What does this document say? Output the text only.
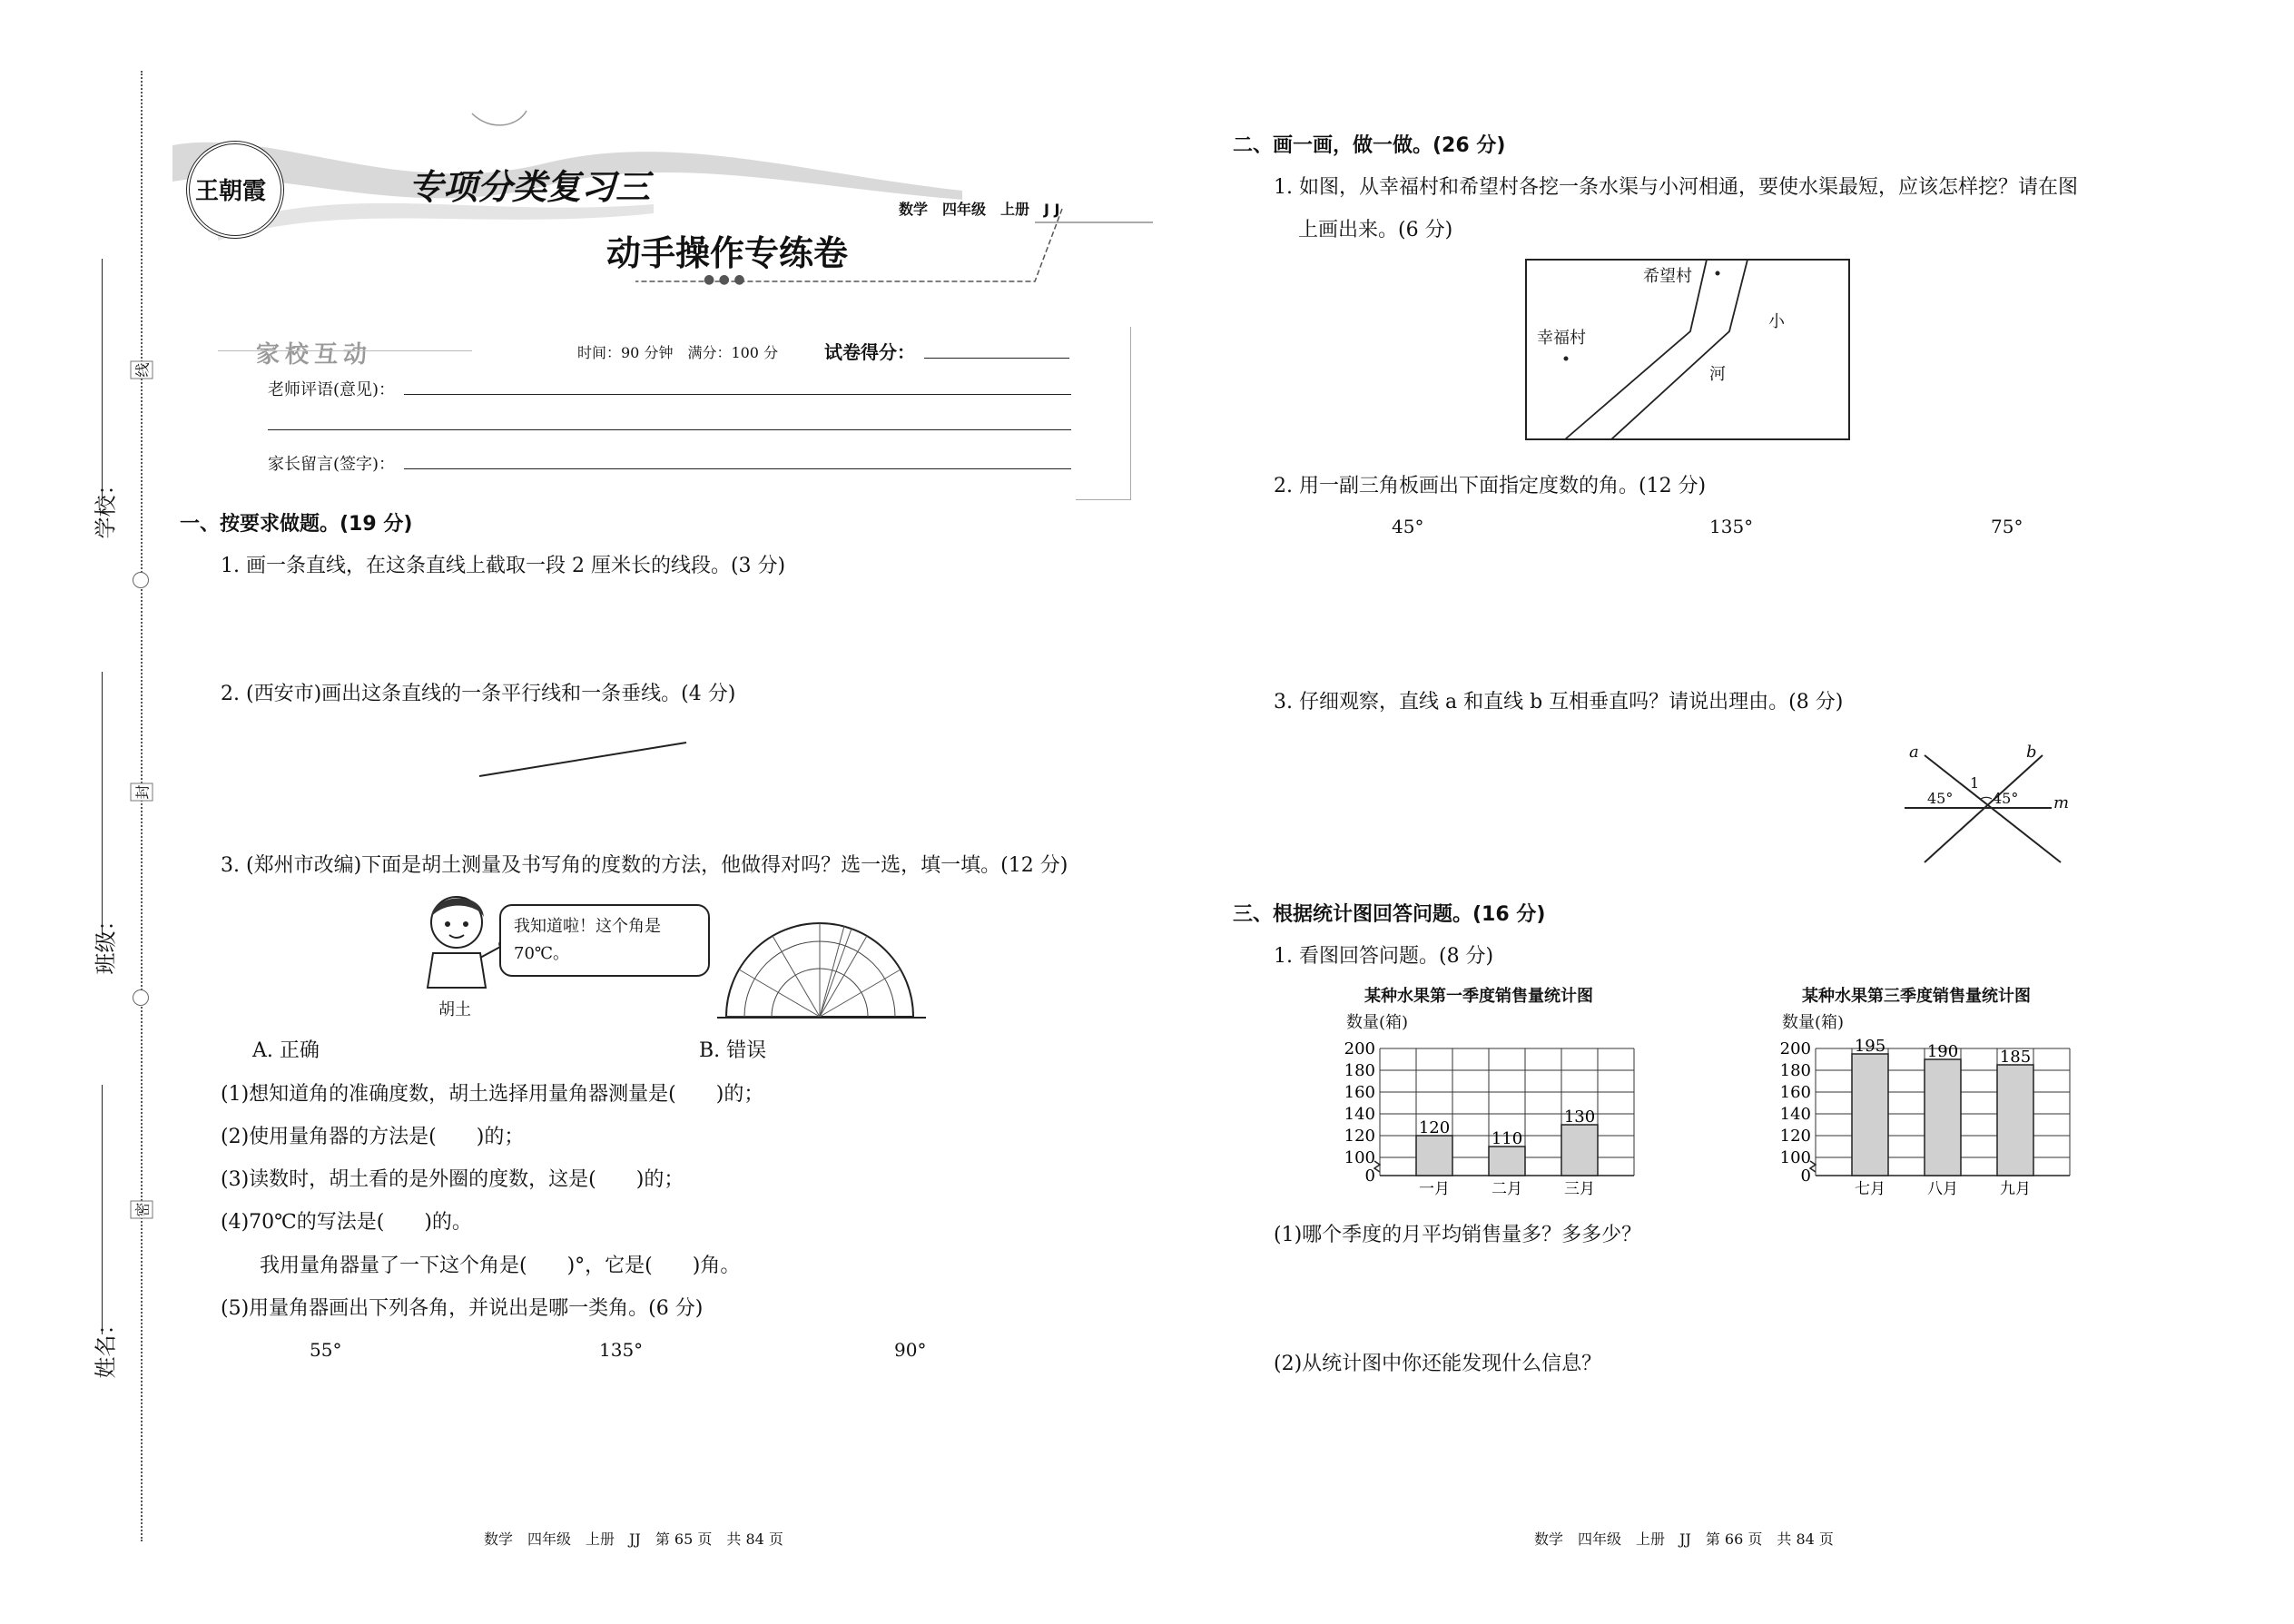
线
封
密
学校：
班级：
姓名：
王朝霞	专项分类复习三
数学　四年级　上册　J J
动手操作专练卷
● ● ●
家校互动	时间：90 分钟　满分：100 分	试卷得分：
老师评语(意见)：
家长留言(签字)：
一、按要求做题。(19 分)
1. 画一条直线，在这条直线上截取一段 2 厘米长的线段。(3 分)
2. (西安市)画出这条直线的一条平行线和一条垂线。(4 分)
3. (郑州市改编)下面是胡土测量及书写角的度数的方法，他做得对吗？选一选，填一填。(12 分)
胡土
我知道啦！这个角是
70℃。
A. 正确	B. 错误
(1)想知道角的准确度数，胡土选择用量角器测量是(　　)的；
(2)使用量角器的方法是(　　)的；
(3)读数时，胡土看的是外圈的度数，这是(　　)的；
(4)70℃的写法是(　　)的。
我用量角器量了一下这个角是(　　)°，它是(　　)角。
(5)用量角器画出下列各角，并说出是哪一类角。(6 分)
55°	135°	90°
数学　四年级　上册　JJ　第 65 页　共 84 页
二、画一画，做一做。(26 分)
1. 如图，从幸福村和希望村各挖一条水渠与小河相通，要使水渠最短，应该怎样挖？请在图
上画出来。(6 分)
希望村
幸福村
小
河
2. 用一副三角板画出下面指定度数的角。(12 分)
45°	135°	75°
3. 仔细观察，直线 a 和直线 b 互相垂直吗？请说出理由。(8 分)
a	b
m
1
45°	45°
三、根据统计图回答问题。(16 分)
1. 看图回答问题。(8 分)
某种水果第一季度销售量统计图
数量(箱)
0
100
120
140
160
180
200
120
一月
110
二月
130
三月
某种水果第三季度销售量统计图
数量(箱)
0
100
120
140
160
180
200	195
七月
190
八月
185
九月
(1)哪个季度的月平均销售量多？多多少？
(2)从统计图中你还能发现什么信息？
数学　四年级　上册　JJ　第 66 页　共 84 页
